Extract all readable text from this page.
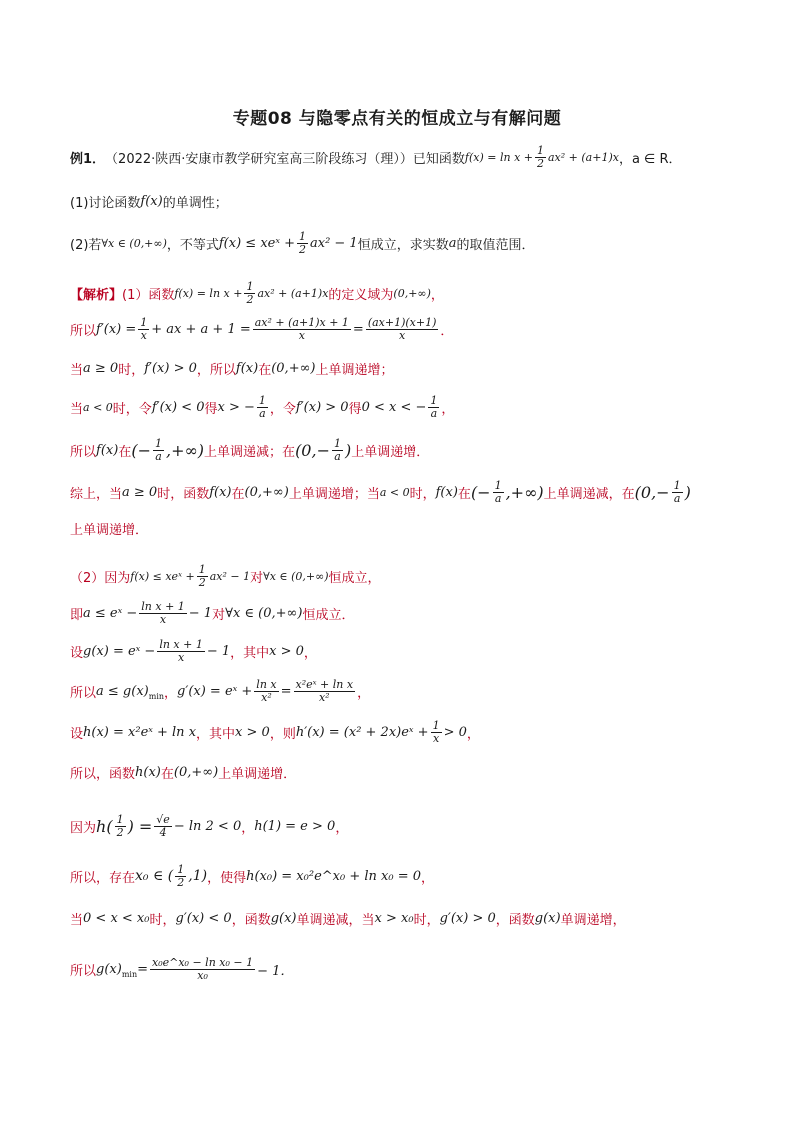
专题08 与隐零点有关的恒成立与有解问题
例1． （2022·陕西·安康市教学研究室高三阶段练习（理））已知函数 $f(x) = \ln x + \frac{1}{2} ax^2 + (a+1)x$ ，a ∈ R．
(1)讨论函数 f(x) 的单调性；
(2)若 ∀x ∈ (0,+∞) ，不等式 f(x) ≤ xeˣ + $\frac{1}{2} ax^2 - 1$ 恒成立，求实数 a 的取值范围．
【解析】 (1）函数 $f(x) = \ln x + \frac{1}{2} ax^2 + (a+1)x$ 的定义域为 (0,+∞) ，
所以 $f'(x) = \frac{1}{x}$ + ax + $a + 1 = \frac{\text{ax² + (a+1)x + 1}}{x} = \frac{(ax+1)(x+1)}{x}$ ．
当 a ≥ 0 时， f′(x) > 0 ，所以 f(x) 在 (0,+∞) 上单调递增；
当 a < 0 时，令 f′(x) < 0 得 x > − $\frac{1}{a}$ ，令 f′(x) > 0 得 0 < x < − $\frac{1}{a}$ ，
所以 f(x) 在 (− $\frac{1}{a}$ ,+∞) 上单调递减；在 ($0,- \frac{1}{a}$ ) 上单调递增．
综上，当 a ≥ 0 时，函数 f(x) 在 (0,+∞) 上单调递增；当 a < 0 时， f(x) 在 (− $\frac{1}{a}$ ,+∞) 上单调递减，在 ($0,- \frac{1}{a}$ )
上单调递增．
（2）因为 f(x) ≤ xeˣ + $\frac{1}{2} ax^2 - 1$ 对 ∀x ∈ (0,+∞) 恒成立，
即 a ≤ eˣ − $\frac{\text{ln x + 1}}{x} - 1$ 对 ∀x ∈ (0,+∞) 恒成立．
设 g(x) = eˣ − $\frac{\text{ln x + 1}}{x} - 1$ ，其中 x > 0 ，
所以 a ≤ g(x) min ， g′(x) = eˣ + $\frac{\text{ln x}}{\text{x²}} = \frac{\text{x²eˣ + ln x}}{\text{x²}}$ ，
设 h(x) = x²eˣ + ln x ，其中 x > 0 ，则 h′(x) = (x² + 2x)eˣ + $\frac{1}{x} > 0$ ，
所以，函数 h(x) 在 (0,+∞) 上单调递增．
因为 $h( \frac{1}{2}$ ) = $\frac{√e}{4} - \ln 2 < 0$ ， h(1) = e > 0 ，
所以，存在 x₀ ∈ ( $\frac{1}{2} ,1$) ，使得 h(x₀) = x₀²e^x₀ + ln x₀ = 0 ，
当 0 < x < x₀ 时， g′(x) < 0 ，函数 g(x) 单调递减，当 x > x₀ 时， g′(x) > 0 ，函数 g(x) 单调递增，
所以 g(x) $\min = \frac{\text{x₀e\textasciicircum{}x₀ − ln x₀ − 1}}{\text{x₀}} - 1$．
